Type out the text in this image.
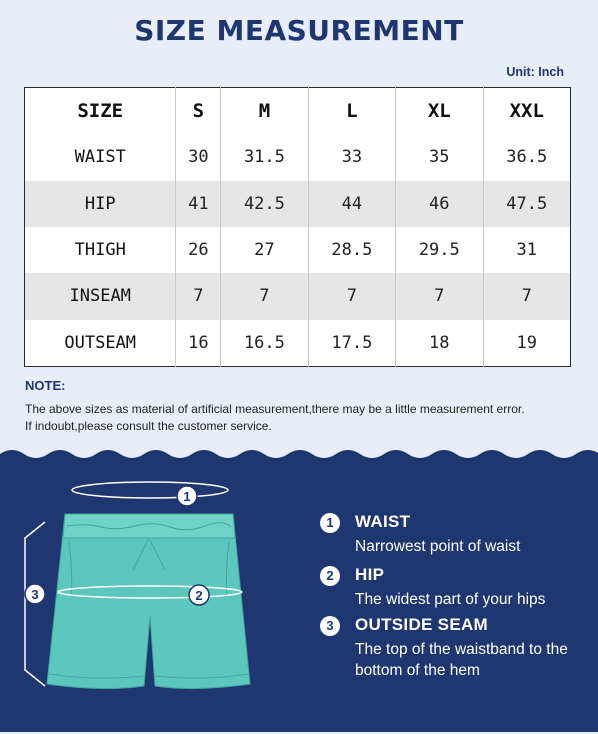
SIZE MEASUREMENT
Unit: Inch
SIZE	S	M	L	XL	XXL
WAIST	30	31.5	33	35	36.5
HIP	41	42.5	44	46	47.5
THIGH	26	27	28.5	29.5	31
INSEAM	7	7	7	7	7
OUTSEAM	16	16.5	17.5	18	19
NOTE:
The above sizes as material of artificial measurement,there may be a little measurement error.
If indoubt,please consult the customer service.
1
2
3
1	WAIST
Narrowest point of waist
2	HIP
The widest part of your hips
3	OUTSIDE SEAM
The top of the waistband to the bottom of the hem
